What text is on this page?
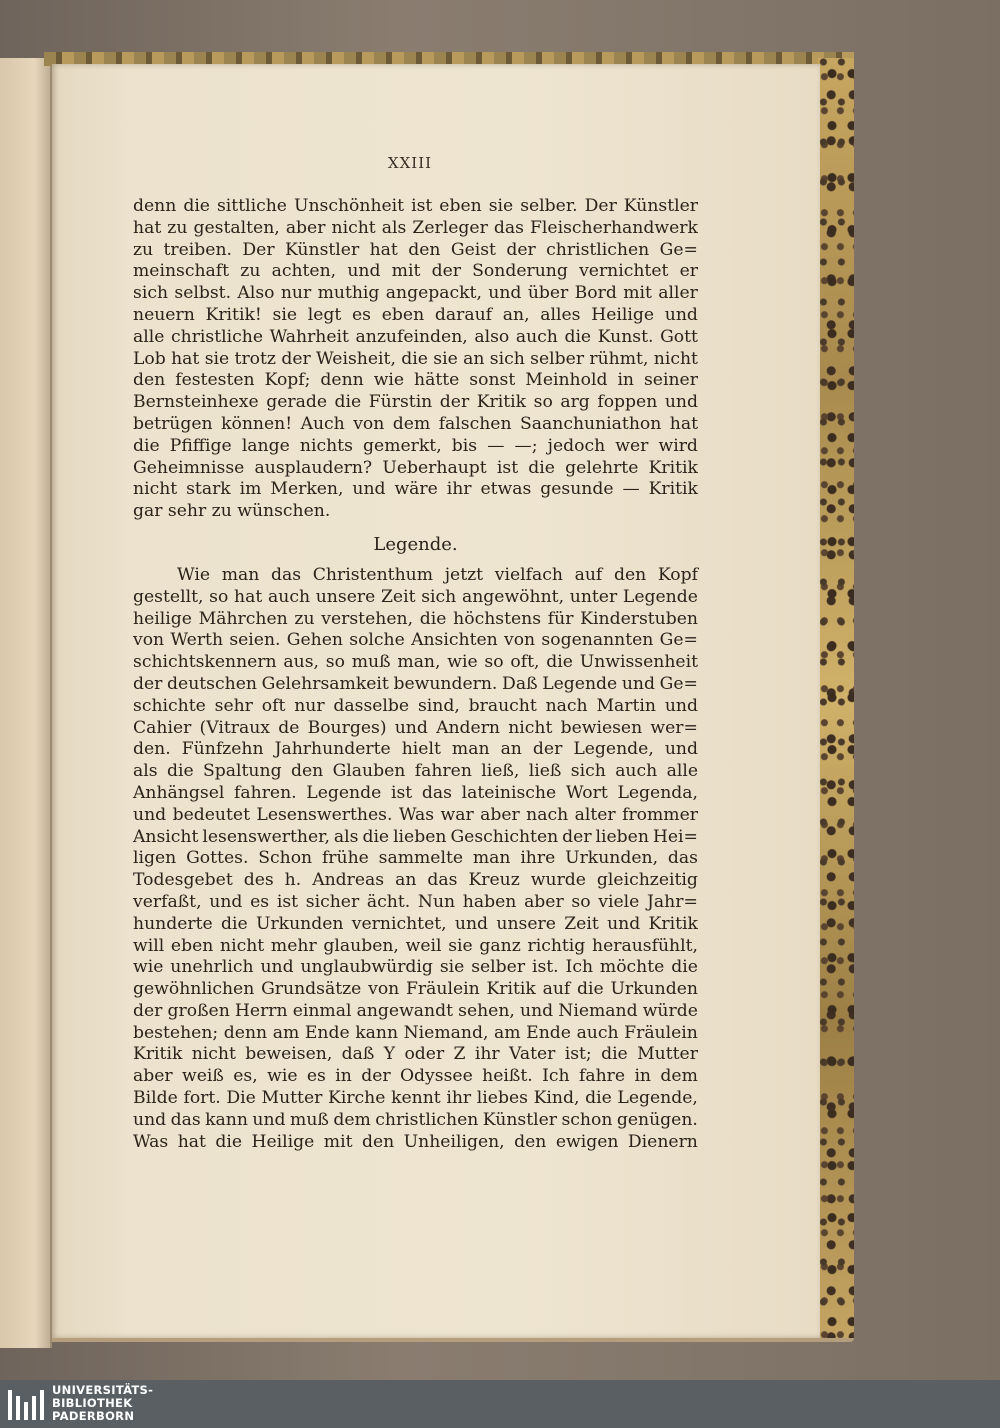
XXIII
denn die sittliche Unschönheit ist eben sie selber. Der Künstler
hat zu gestalten, aber nicht als Zerleger das Fleischerhandwerk
zu treiben. Der Künstler hat den Geist der christlichen Ge=
meinschaft zu achten, und mit der Sonderung vernichtet er
sich selbst. Also nur muthig angepackt, und über Bord mit aller
neuern Kritik! sie legt es eben darauf an, alles Heilige und
alle christliche Wahrheit anzufeinden, also auch die Kunst. Gott
Lob hat sie trotz der Weisheit, die sie an sich selber rühmt, nicht
den festesten Kopf; denn wie hätte sonst Meinhold in seiner
Bernsteinhexe gerade die Fürstin der Kritik so arg foppen und
betrügen können! Auch von dem falschen Saanchuniathon hat
die Pfiffige lange nichts gemerkt, bis — —; jedoch wer wird
Geheimnisse ausplaudern? Ueberhaupt ist die gelehrte Kritik
nicht stark im Merken, und wäre ihr etwas gesunde — Kritik
gar sehr zu wünschen.
Legende.
Wie man das Christenthum jetzt vielfach auf den Kopf
gestellt, so hat auch unsere Zeit sich angewöhnt, unter Legende
heilige Mährchen zu verstehen, die höchstens für Kinderstuben
von Werth seien. Gehen solche Ansichten von sogenannten Ge=
schichtskennern aus, so muß man, wie so oft, die Unwissenheit
der deutschen Gelehrsamkeit bewundern. Daß Legende und Ge=
schichte sehr oft nur dasselbe sind, braucht nach Martin und
Cahier (Vitraux de Bourges) und Andern nicht bewiesen wer=
den. Fünfzehn Jahrhunderte hielt man an der Legende, und
als die Spaltung den Glauben fahren ließ, ließ sich auch alle
Anhängsel fahren. Legende ist das lateinische Wort Legenda,
und bedeutet Lesenswerthes. Was war aber nach alter frommer
Ansicht lesenswerther, als die lieben Geschichten der lieben Hei=
ligen Gottes. Schon frühe sammelte man ihre Urkunden, das
Todesgebet des h. Andreas an das Kreuz wurde gleichzeitig
verfaßt, und es ist sicher ächt. Nun haben aber so viele Jahr=
hunderte die Urkunden vernichtet, und unsere Zeit und Kritik
will eben nicht mehr glauben, weil sie ganz richtig herausfühlt,
wie unehrlich und unglaubwürdig sie selber ist. Ich möchte die
gewöhnlichen Grundsätze von Fräulein Kritik auf die Urkunden
der großen Herrn einmal angewandt sehen, und Niemand würde
bestehen; denn am Ende kann Niemand, am Ende auch Fräulein
Kritik nicht beweisen, daß Y oder Z ihr Vater ist; die Mutter
aber weiß es, wie es in der Odyssee heißt. Ich fahre in dem
Bilde fort. Die Mutter Kirche kennt ihr liebes Kind, die Legende,
und das kann und muß dem christlichen Künstler schon genügen.
Was hat die Heilige mit den Unheiligen, den ewigen Dienern
UNIVERSITÄTS-
BIBLIOTHEK
PADERBORN
